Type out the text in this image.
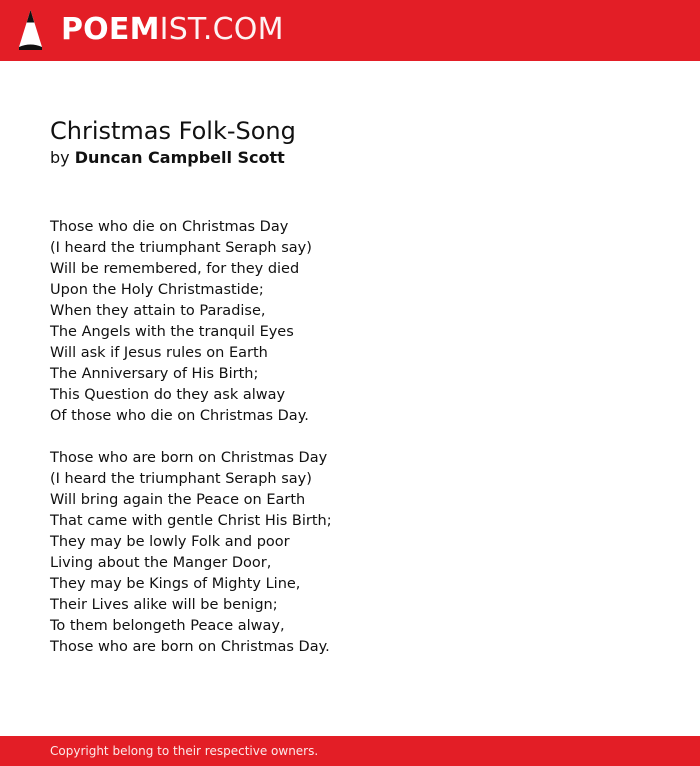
POEMIST.COM
Christmas Folk-Song
by Duncan Campbell Scott
Those who die on Christmas Day
(I heard the triumphant Seraph say)
Will be remembered, for they died
Upon the Holy Christmastide;
When they attain to Paradise,
The Angels with the tranquil Eyes
Will ask if Jesus rules on Earth
The Anniversary of His Birth;
This Question do they ask alway
Of those who die on Christmas Day.
Those who are born on Christmas Day
(I heard the triumphant Seraph say)
Will bring again the Peace on Earth
That came with gentle Christ His Birth;
They may be lowly Folk and poor
Living about the Manger Door,
They may be Kings of Mighty Line,
Their Lives alike will be benign;
To them belongeth Peace alway,
Those who are born on Christmas Day.
Copyright belong to their respective owners.
